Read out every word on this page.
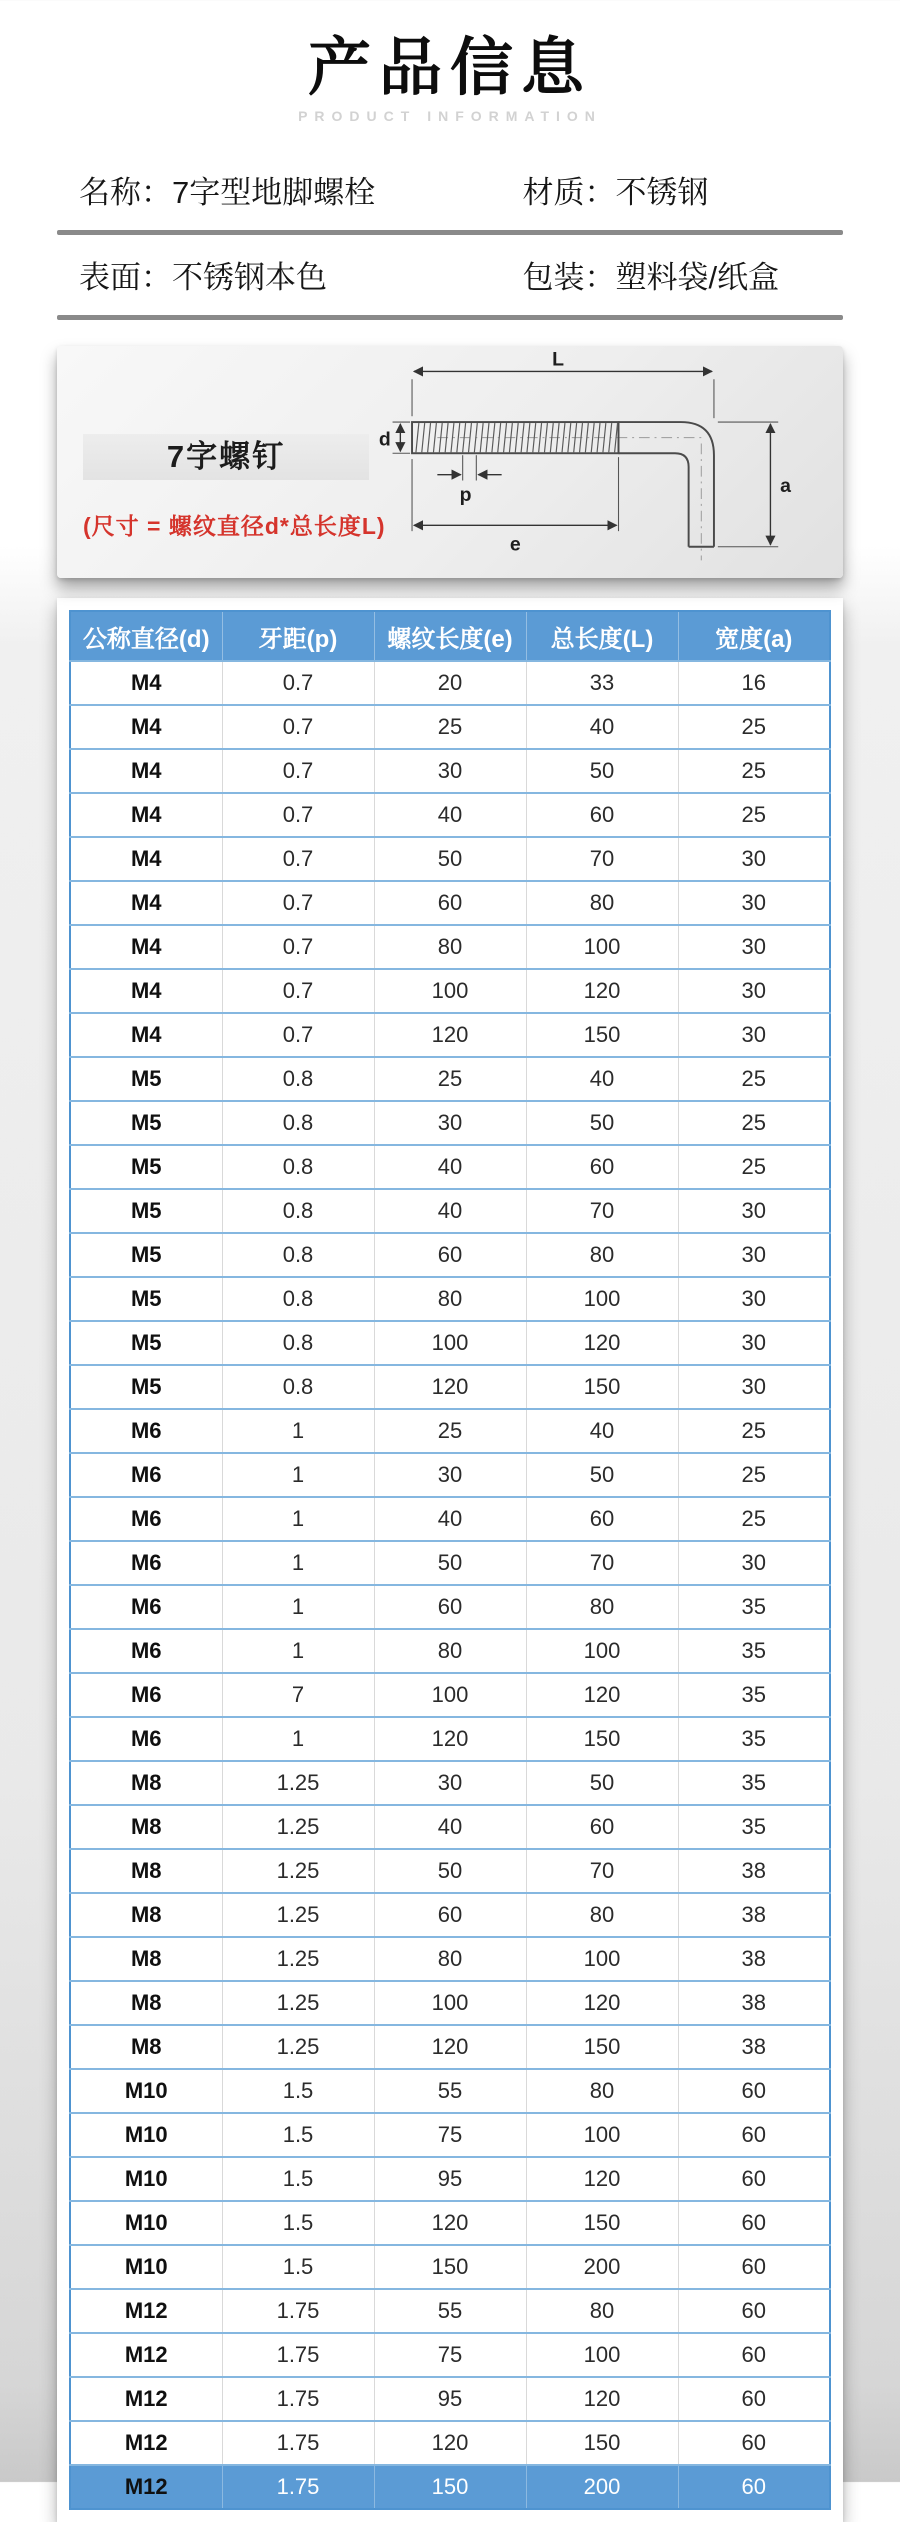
产品信息
PRODUCT INFORMATION
名称：7字型地脚螺栓	材质：不锈钢
表面：不锈钢本色	包装：塑料袋/纸盒
7字螺钉
(尺寸 = 螺纹直径d*总长度L)
L
d
p
e
a
公称直径(d)	牙距(p)	螺纹长度(e)	总长度(L)	宽度(a)
M4	0.7	20	33	16
M4	0.7	25	40	25
M4	0.7	30	50	25
M4	0.7	40	60	25
M4	0.7	50	70	30
M4	0.7	60	80	30
M4	0.7	80	100	30
M4	0.7	100	120	30
M4	0.7	120	150	30
M5	0.8	25	40	25
M5	0.8	30	50	25
M5	0.8	40	60	25
M5	0.8	40	70	30
M5	0.8	60	80	30
M5	0.8	80	100	30
M5	0.8	100	120	30
M5	0.8	120	150	30
M6	1	25	40	25
M6	1	30	50	25
M6	1	40	60	25
M6	1	50	70	30
M6	1	60	80	35
M6	1	80	100	35
M6	7	100	120	35
M6	1	120	150	35
M8	1.25	30	50	35
M8	1.25	40	60	35
M8	1.25	50	70	38
M8	1.25	60	80	38
M8	1.25	80	100	38
M8	1.25	100	120	38
M8	1.25	120	150	38
M10	1.5	55	80	60
M10	1.5	75	100	60
M10	1.5	95	120	60
M10	1.5	120	150	60
M10	1.5	150	200	60
M12	1.75	55	80	60
M12	1.75	75	100	60
M12	1.75	95	120	60
M12	1.75	120	150	60
M12	1.75	150	200	60
